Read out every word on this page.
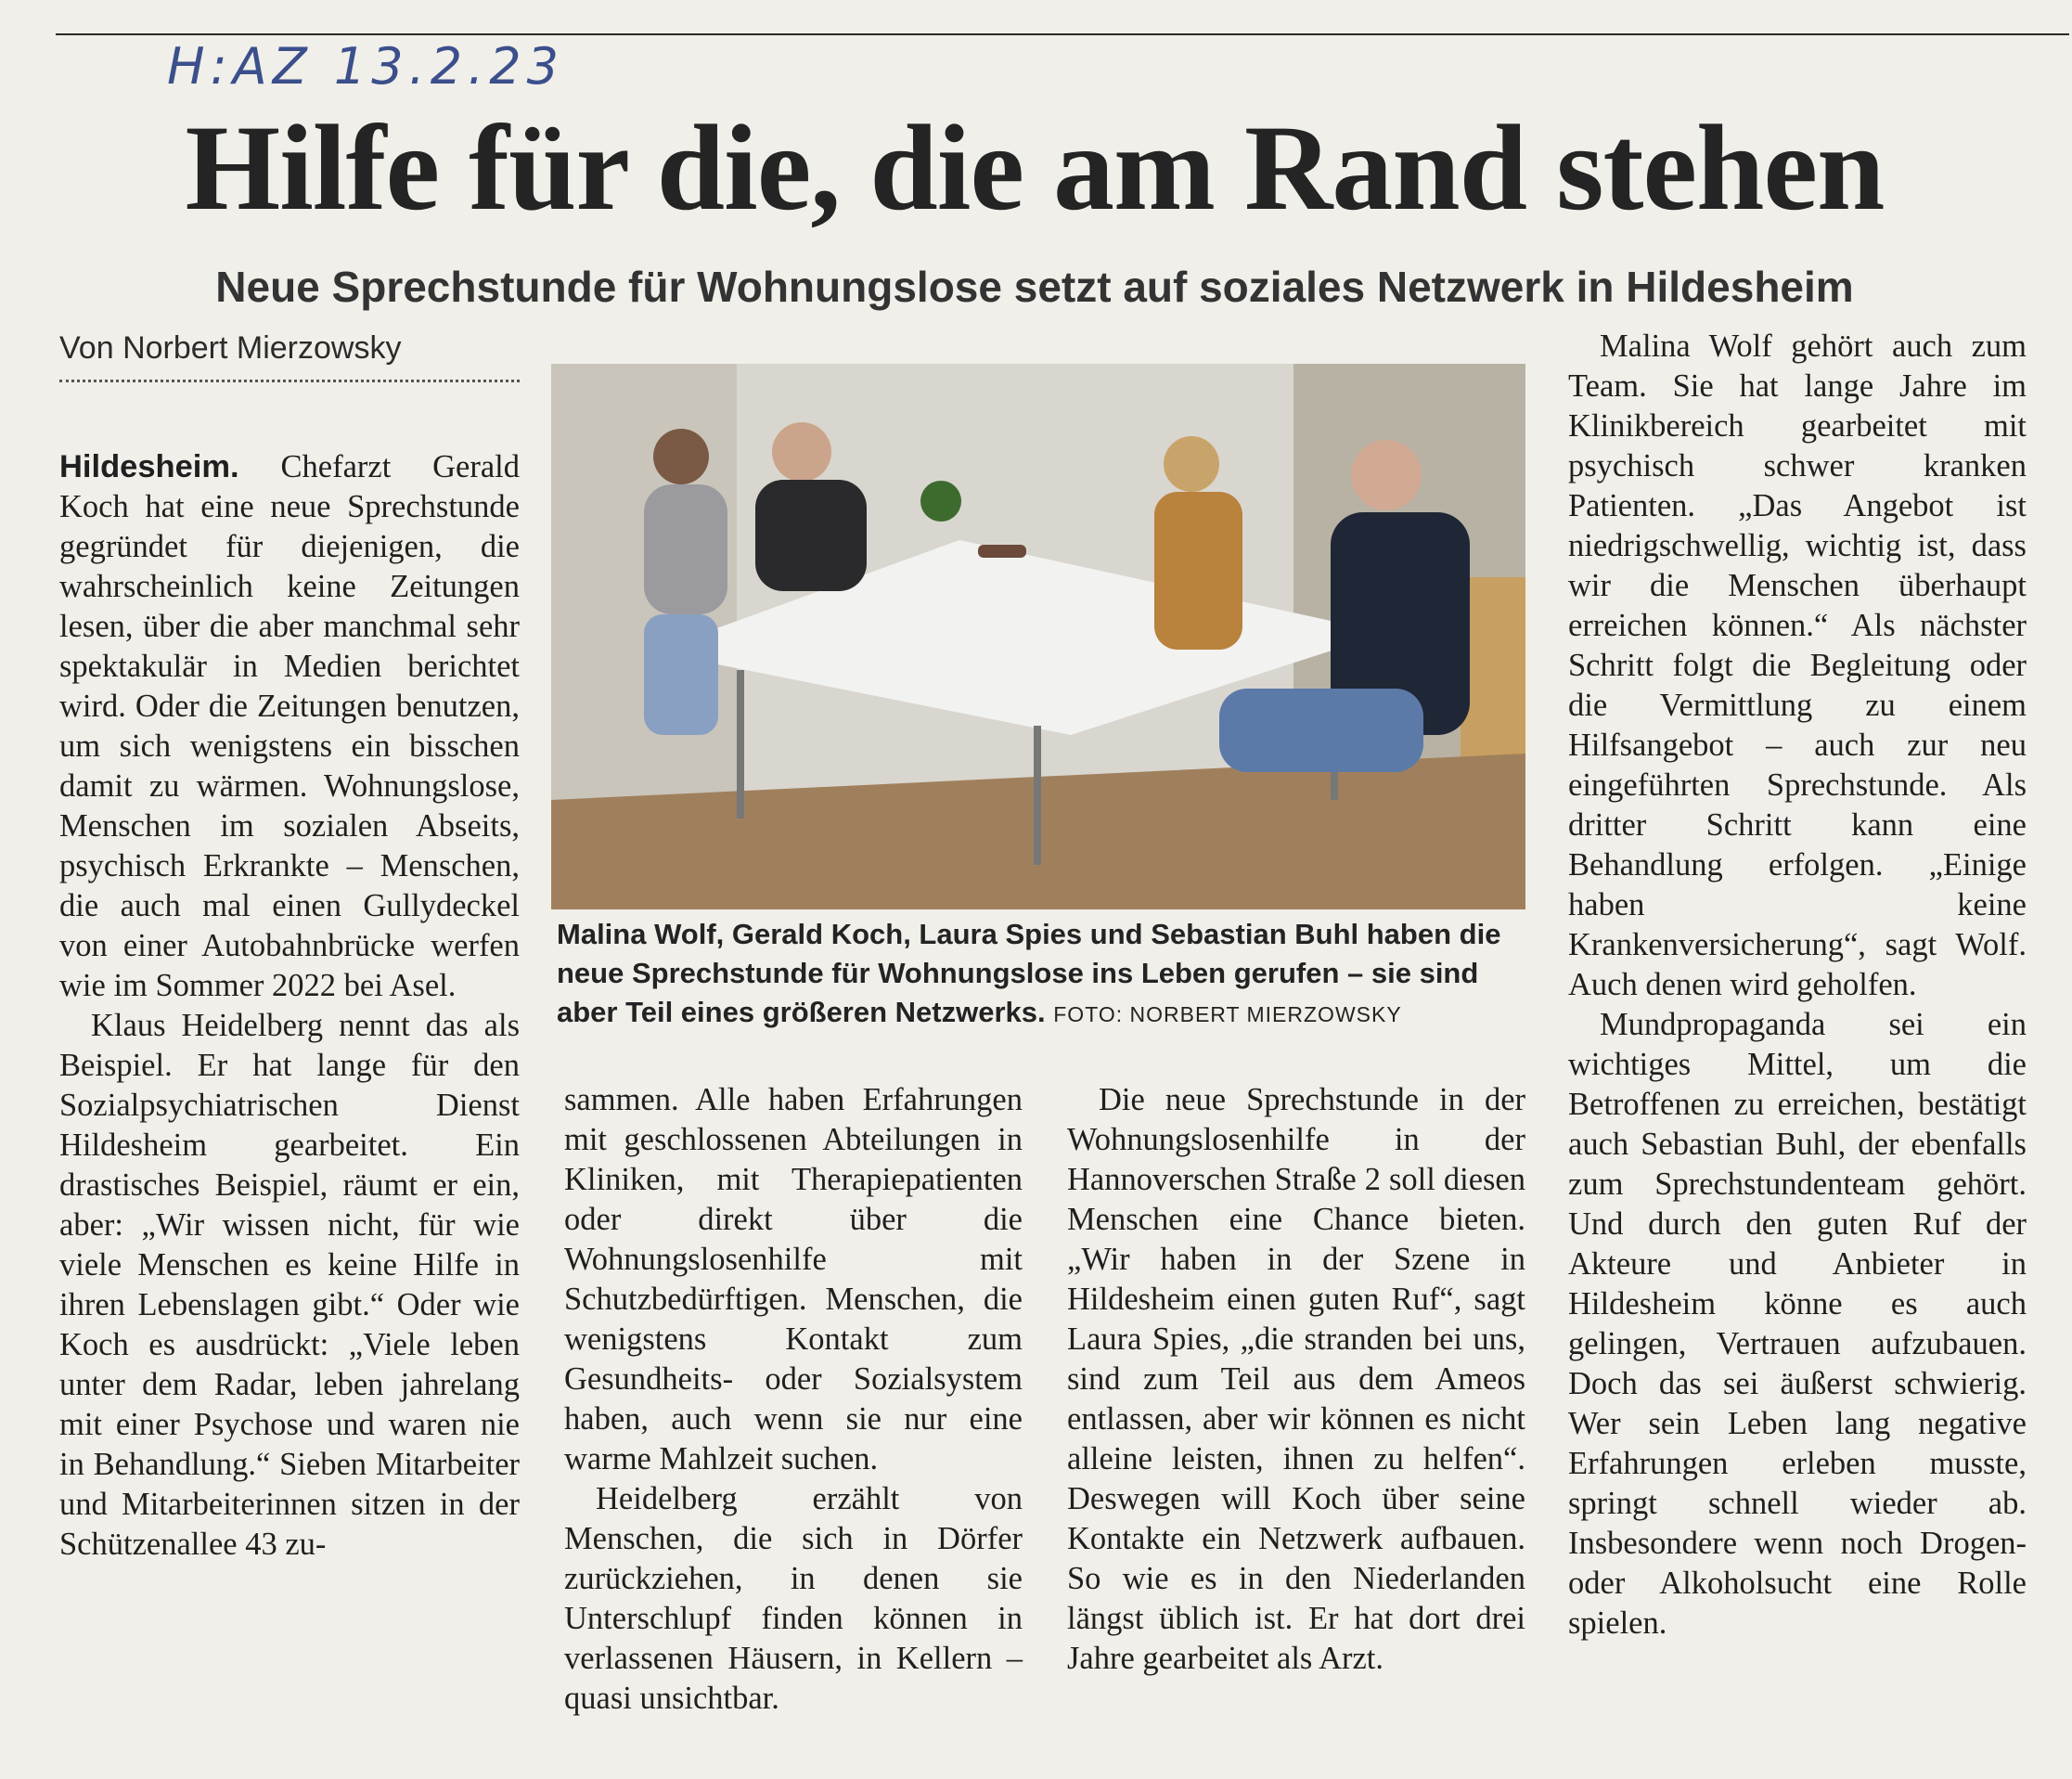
H:AZ 13.2.23
Hilfe für die, die am Rand stehen
Neue Sprechstunde für Wohnungslose setzt auf soziales Netzwerk in Hildesheim
Von Norbert Mierzowsky

Hildesheim. Chefarzt Gerald Koch hat eine neue Sprechstunde gegründet für diejenigen, die wahrscheinlich keine Zeitungen lesen, über die aber manchmal sehr spektakulär in Medien berichtet wird. Oder die Zeitungen benutzen, um sich wenigstens ein bisschen damit zu wärmen. Wohnungslose, Menschen im sozialen Abseits, psychisch Erkrankte – Menschen, die auch mal einen Gullydeckel von einer Autobahnbrücke werfen wie im Sommer 2022 bei Asel.

Klaus Heidelberg nennt das als Beispiel. Er hat lange für den Sozialpsychiatrischen Dienst Hildesheim gearbeitet. Ein drastisches Beispiel, räumt er ein, aber: „Wir wissen nicht, für wie viele Menschen es keine Hilfe in ihren Lebenslagen gibt.“ Oder wie Koch es ausdrückt: „Viele leben unter dem Radar, leben jahrelang mit einer Psychose und waren nie in Behandlung.“ Sieben Mitarbeiter und Mitarbeiterinnen sitzen in der Schützenallee 43 zu-

Malina Wolf, Gerald Koch, Laura Spies und Sebastian Buhl haben die neue Sprechstunde für Wohnungslose ins Leben gerufen – sie sind aber Teil eines größeren Netzwerks. FOTO: NORBERT MIERZOWSKY

sammen. Alle haben Erfahrungen mit geschlossenen Abteilungen in Kliniken, mit Therapiepatienten oder direkt über die Wohnungslosenhilfe mit Schutzbedürftigen. Menschen, die wenigstens Kontakt zum Gesundheits- oder Sozialsystem haben, auch wenn sie nur eine warme Mahlzeit suchen.

Heidelberg erzählt von Menschen, die sich in Dörfer zurückziehen, in denen sie Unterschlupf finden können in verlassenen Häusern, in Kellern – quasi unsichtbar.

Die neue Sprechstunde in der Wohnungslosenhilfe in der Hannoverschen Straße 2 soll diesen Menschen eine Chance bieten. „Wir haben in der Szene in Hildesheim einen guten Ruf“, sagt Laura Spies, „die stranden bei uns, sind zum Teil aus dem Ameos entlassen, aber wir können es nicht alleine leisten, ihnen zu helfen“. Deswegen will Koch über seine Kontakte ein Netzwerk aufbauen. So wie es in den Niederlanden längst üblich ist. Er hat dort drei Jahre gearbeitet als Arzt.

Malina Wolf gehört auch zum Team. Sie hat lange Jahre im Klinikbereich gearbeitet mit psychisch schwer kranken Patienten. „Das Angebot ist niedrigschwellig, wichtig ist, dass wir die Menschen überhaupt erreichen können.“ Als nächster Schritt folgt die Begleitung oder die Vermittlung zu einem Hilfsangebot – auch zur neu eingeführten Sprechstunde. Als dritter Schritt kann eine Behandlung erfolgen. „Einige haben keine Krankenversicherung“, sagt Wolf. Auch denen wird geholfen.

Mundpropaganda sei ein wichtiges Mittel, um die Betroffenen zu erreichen, bestätigt auch Sebastian Buhl, der ebenfalls zum Sprechstundenteam gehört. Und durch den guten Ruf der Akteure und Anbieter in Hildesheim könne es auch gelingen, Vertrauen aufzubauen. Doch das sei äußerst schwierig. Wer sein Leben lang negative Erfahrungen erleben musste, springt schnell wieder ab. Insbesondere wenn noch Drogen- oder Alkoholsucht eine Rolle spielen.
